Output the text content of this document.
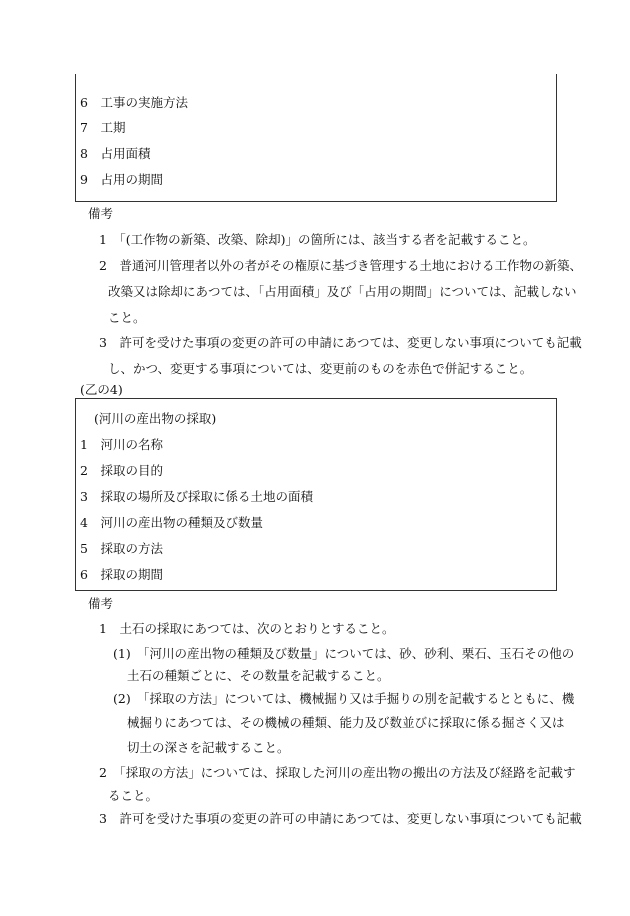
6　工事の実施方法
7　工期
8　占用面積
9　占用の期間
備考
1　「(工作物の新築、改築、除却)」の箇所には、該当する者を記載すること。
2　普通河川管理者以外の者がその権原に基づき管理する土地における工作物の新築、
改築又は除却にあつては、「占用面積」及び「占用の期間」については、記載しない
こと。
3　許可を受けた事項の変更の許可の申請にあつては、変更しない事項についても記載
し、かつ、変更する事項については、変更前のものを赤色で併記すること。
(乙の4)
(河川の産出物の採取)
1　河川の名称
2　採取の目的
3　採取の場所及び採取に係る土地の面積
4　河川の産出物の種類及び数量
5　採取の方法
6　採取の期間
備考
1　土石の採取にあつては、次のとおりとすること。
(1)　「河川の産出物の種類及び数量」については、砂、砂利、栗石、玉石その他の
土石の種類ごとに、その数量を記載すること。
(2)　「採取の方法」については、機械掘り又は手掘りの別を記載するとともに、機
械掘りにあつては、その機械の種類、能力及び数並びに採取に係る掘さく又は
切土の深さを記載すること。
2　「採取の方法」については、採取した河川の産出物の搬出の方法及び経路を記載す
ること。
3　許可を受けた事項の変更の許可の申請にあつては、変更しない事項についても記載
